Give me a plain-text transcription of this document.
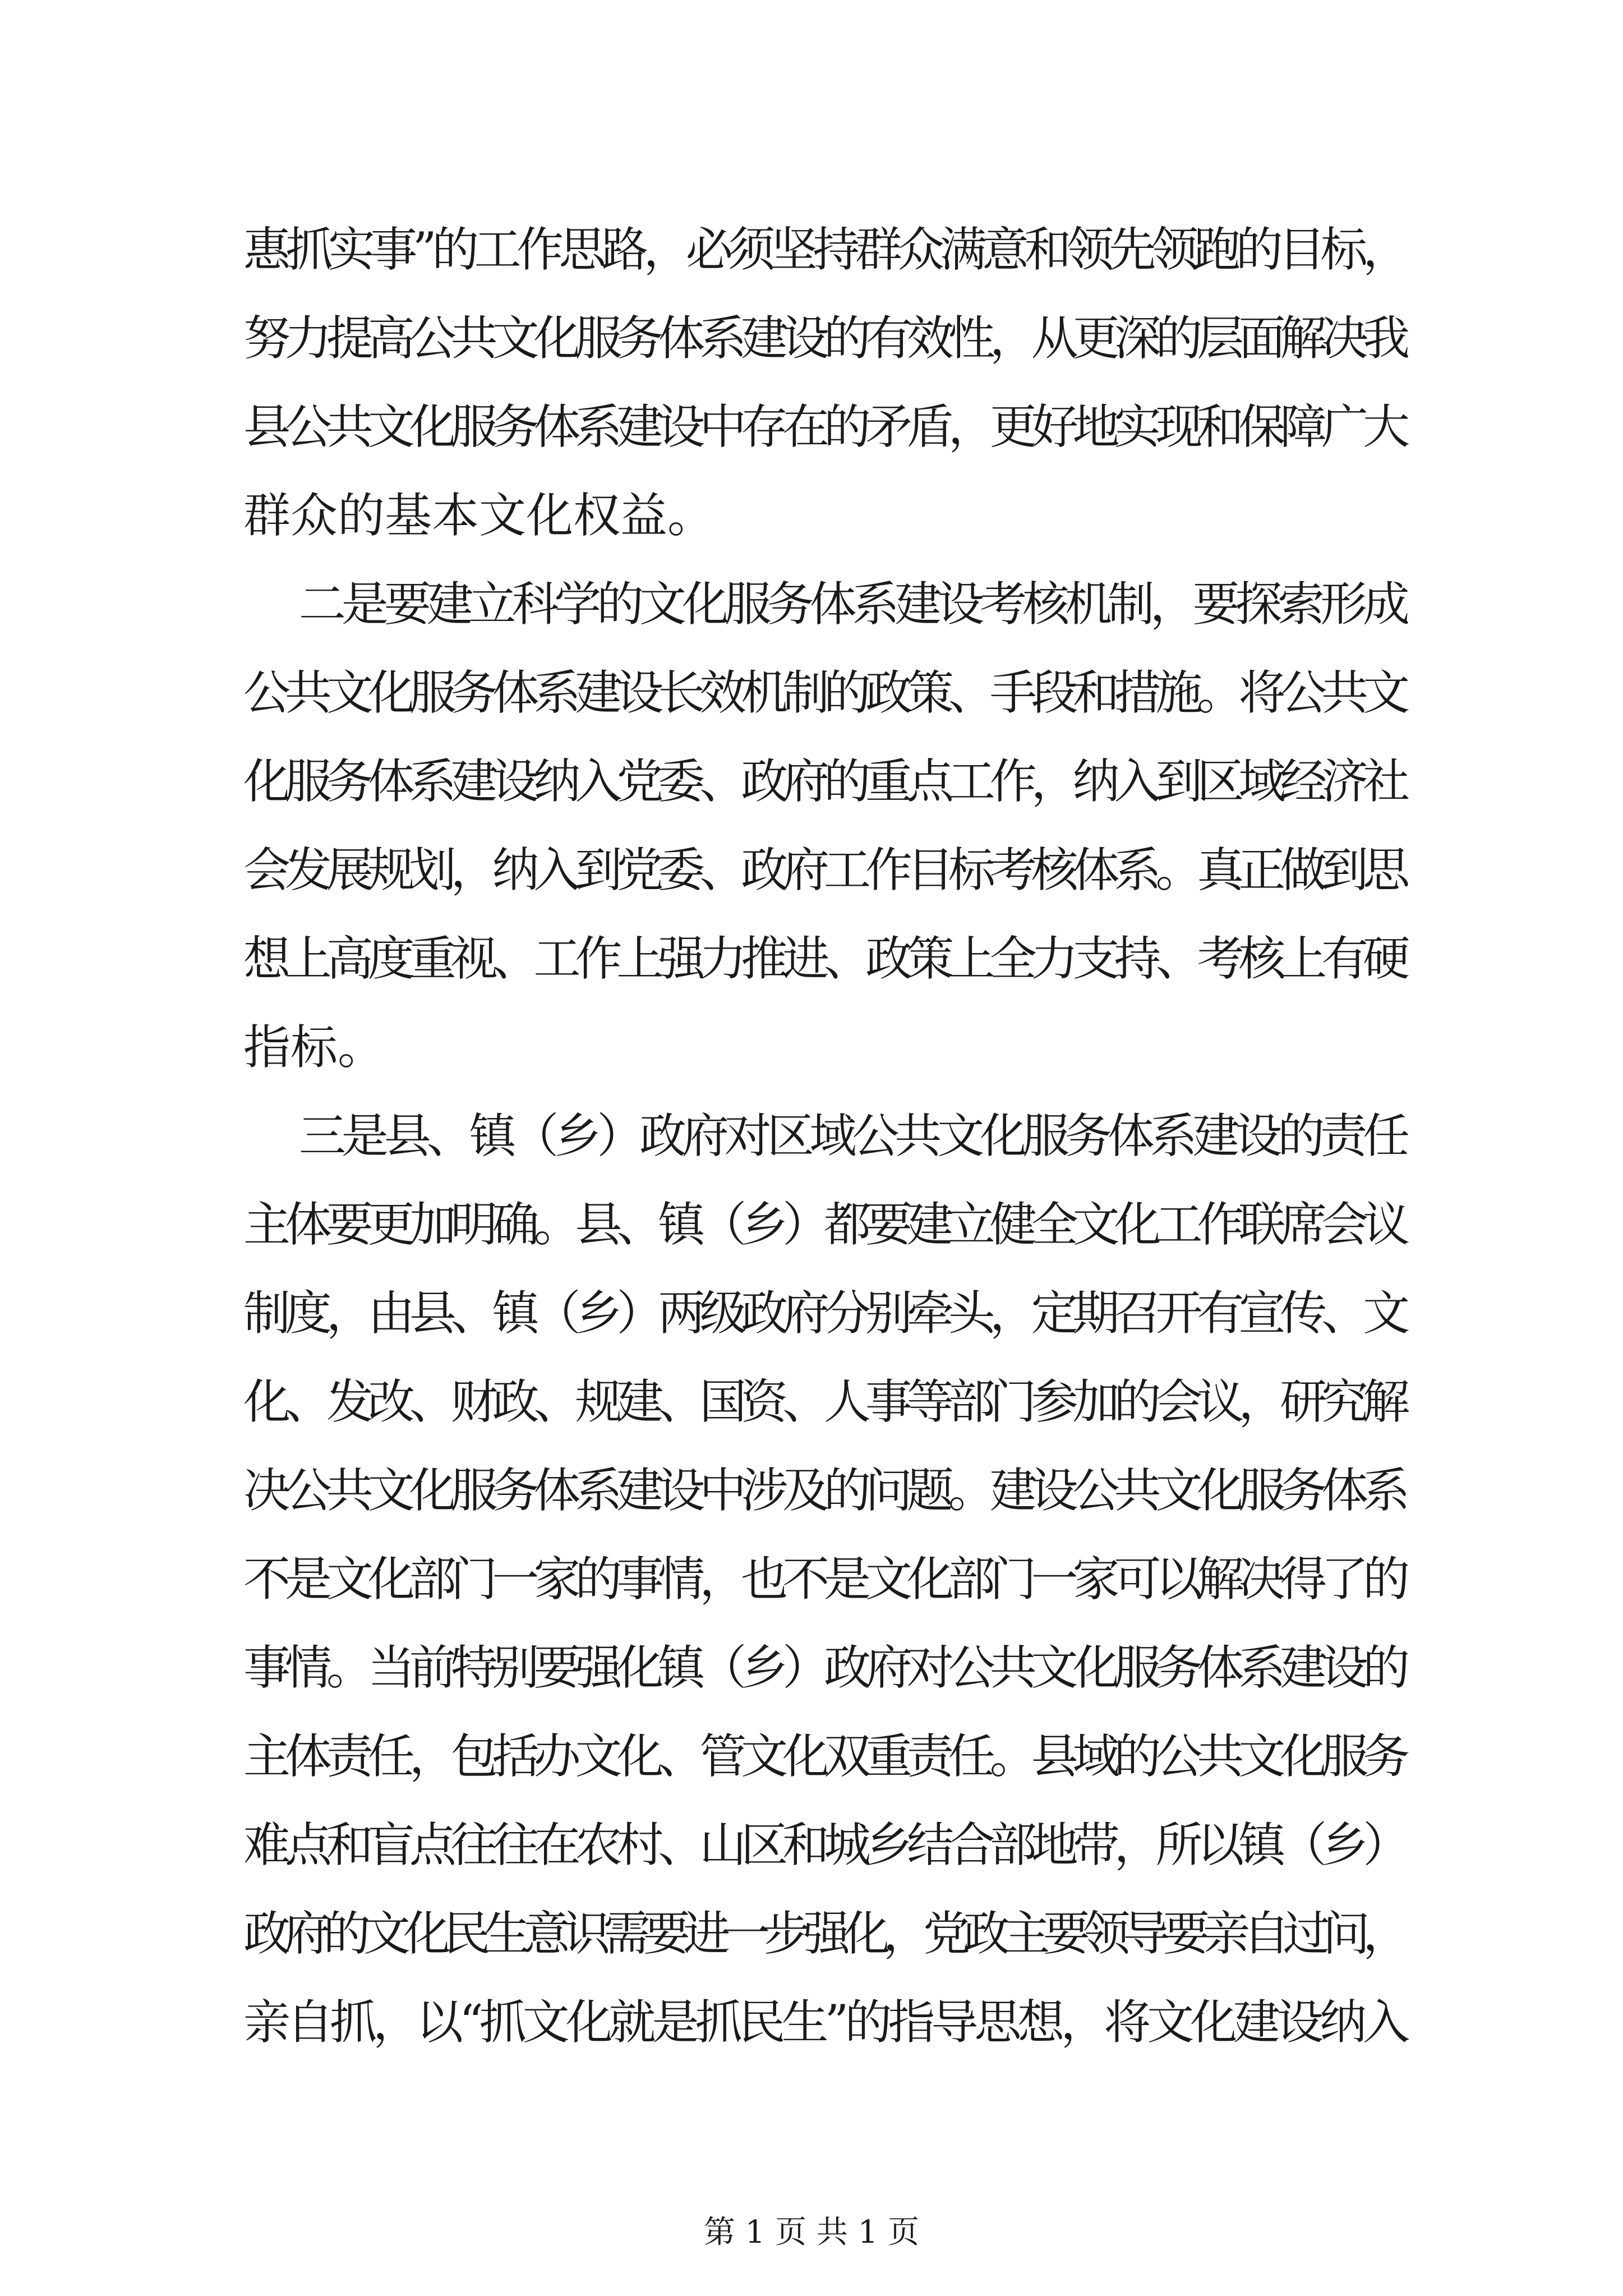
惠抓实事”的工作思路，必须坚持群众满意和领先领跑的目标，
努力提高公共文化服务体系建设的有效性，从更深的层面解决我
县公共文化服务体系建设中存在的矛盾，更好地实现和保障广大
群众的基本文化权益。
二是要建立科学的文化服务体系建设考核机制，要探索形成
公共文化服务体系建设长效机制的政策、手段和措施。将公共文
化服务体系建设纳入党委、政府的重点工作，纳入到区域经济社
会发展规划，纳入到党委、政府工作目标考核体系。真正做到思
想上高度重视、工作上强力推进、政策上全力支持、考核上有硬
指标。
三是县、镇（乡）政府对区域公共文化服务体系建设的责任
主体要更加明确。县、镇（乡）都要建立健全文化工作联席会议
制度，由县、镇（乡）两级政府分别牵头，定期召开有宣传、文
化、发改、财政、规建、国资、人事等部门参加的会议，研究解
决公共文化服务体系建设中涉及的问题。建设公共文化服务体系
不是文化部门一家的事情，也不是文化部门一家可以解决得了的
事情。当前特别要强化镇（乡）政府对公共文化服务体系建设的
主体责任，包括办文化、管文化双重责任。县域的公共文化服务
难点和盲点往往在农村、山区和城乡结合部地带，所以镇（乡）
政府的文化民生意识需要进一步强化，党政主要领导要亲自过问，
亲自抓，以“抓文化就是抓民生”的指导思想，将文化建设纳入
第 1 页 共 1 页
